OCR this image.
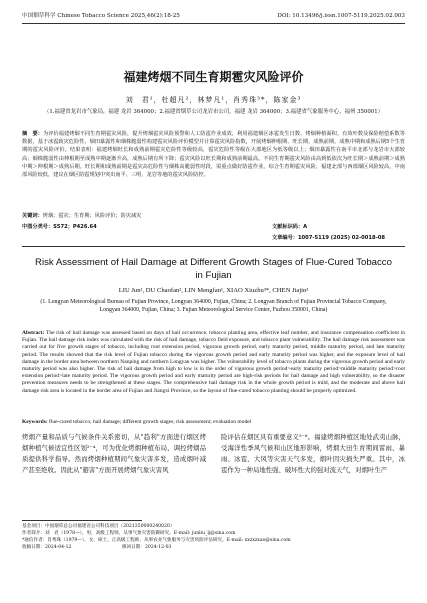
中国烟草科学 Chinese Tobacco Science 2025,46(2):18-25	DOI: 10.13496/j.issn.1007-5119.2025.02.003
福建烤烟不同生育期雹灾风险评价
刘　君¹，杜超凡²，林梦凡¹，肖秀珠³*，陈家金³
（1.福建省龙岩市气象局，福建 龙岩 364000；2.福建省烟草公司龙岩市公司，福建 龙岩 364000；3.福建省气象服务中心，福州 350001）
摘　要：为评价福建烤烟不同生育期雹灾风险，提升烤烟雹灾风险预警和人工防雹作业成效，利用福建烟区冰雹发生日数、烤烟种植面积、有效叶数及保险赔偿系数等数据，基于冰雹致灾危险性、烟田暴露性和烟株脆弱性构建雹灾风险评价模型并计算雹灾风险指数，开展烤烟伸根期、旺长期、成熟前期、成熟中期和成熟后期5个生育期的雹灾风险评价。结果表明：福建烤烟旺长和成熟前期雹灾危险性等级较高，雹灾危险性等级在大部地区为低等级以上；烟田暴露性在南平市北部与龙岩市大部较高；烟株脆弱性由伸根期至成熟中期逐渐升高，成熟后期有所下降；雹灾风险以旺长期和成熟前期最高。不同生育期雹灾风险由高到低依次为旺长期＞成熟前期＞成熟中期＞伸根期＞成熟后期。旺长期和成熟前期是雹灾高危险性与烟株高脆弱性时段，需重点做好防雹作业。综合生育期雹灾风险，福建北部与西部烟区风险较高，中南部风险较低，建议在烟区防雹规划中突出南平、三明、龙岩等地的雹灾风险防控。
关键词：烤烟；雹灾；生育期；风险评价；防灾减灾
中图分类号：S572；P426.64	文献标识码：A
文章编号：1007-5119 (2025) 02-0018-08
Risk Assessment of Hail Damage at Different Growth Stages of Flue-Cured Tobacco in Fujian
LIU Jun¹, DU Chaofan², LIN Mengfan¹, XIAO Xiuzhu³*, CHEN Jiajin³
(1. Longyan Meteorological Bureau of Fujian Province, Longyan 364000, Fujian, China; 2. Longyan Branch of Fujian Provincial Tobacco Company, Longyan 364000, Fujian, China; 3. Fujian Meteorological Service Center, Fuzhou 350001, China)
Abstract: The risk of hail damage was assessed based on days of hail occurrence, tobacco planting area, effective leaf number, and insurance compensation coefficient in Fujian. The hail damage risk index was calculated with the risk of hail damage, tobacco field exposure, and tobacco plant vulnerability. The hail damage risk assessment was carried out for five growth stages of tobacco, including root extension period, vigorous growth period, early maturity period, middle maturity period, and late maturity period. The results showed that the risk level of Fujian tobacco during the vigorous growth period and early maturity period was higher, and the exposure level of hail damage in the border area between northern Nanping and northern Longyan was higher. The vulnerability level of tobacco plants during the vigorous growth period and early maturity period was also higher. The risk of hail damage from high to low is in the order of vigorous growth period>early maturity period>middle maturity period>root extension period>late maturity period. The vigorous growth period and early maturity period are high-risk periods for hail damage and high vulnerability, so the disaster prevention measures needs to be strengthened at these stages. The comprehensive hail damage risk in the whole growth period is mild, and the moderate and above hail damage risk area is located in the border area of Fujian and Jiangxi Province, so the layout of flue-cured tobacco planting should be properly optimized.
Keywords: flue-cured tobacco; hail damage; different growth stages; risk assessment; evaluation model
烤烟产量和品质与气候条件关系密切，从"趋利"方面进行烟区烤烟种植气候适宜性区划²⁻⁴，可为优化烤烟种植布局、调控烤烟品质提供科学指导。然而烤烟种植期间气象灾害多发，造成烟叶减产甚至绝收。因此从"避害"方面开展烤烟气象灾害风
险评估在烟区具有重要意义⁵⁻⁸。福建烤烟种植区地处武夷山脉，受海洋性季风气候和山区地形影响，烤烟大田生育期间雷雨、暴雨、冰雹、大风等灾害天气多发，烟叶因灾损失严重。其中，冰雹作为一种局地性强、破坏性大的强对流天气，对烟叶生产
基金项目：中国烟草总公司福建省公司科技项目（2021350000240020）
作者简介：刘　君（1978—），男，高级工程师，从事气象灾害防御研究。E-mail: junliu_lj@sina.com
*通信作者：肖秀珠（1979—），女，硕士，正高级工程师，从事农业气象服务与灾害风险评估研究。E-mail: xxzxzxao@sina.com
收稿日期：2024-04-12	修回日期：2024-12-03
